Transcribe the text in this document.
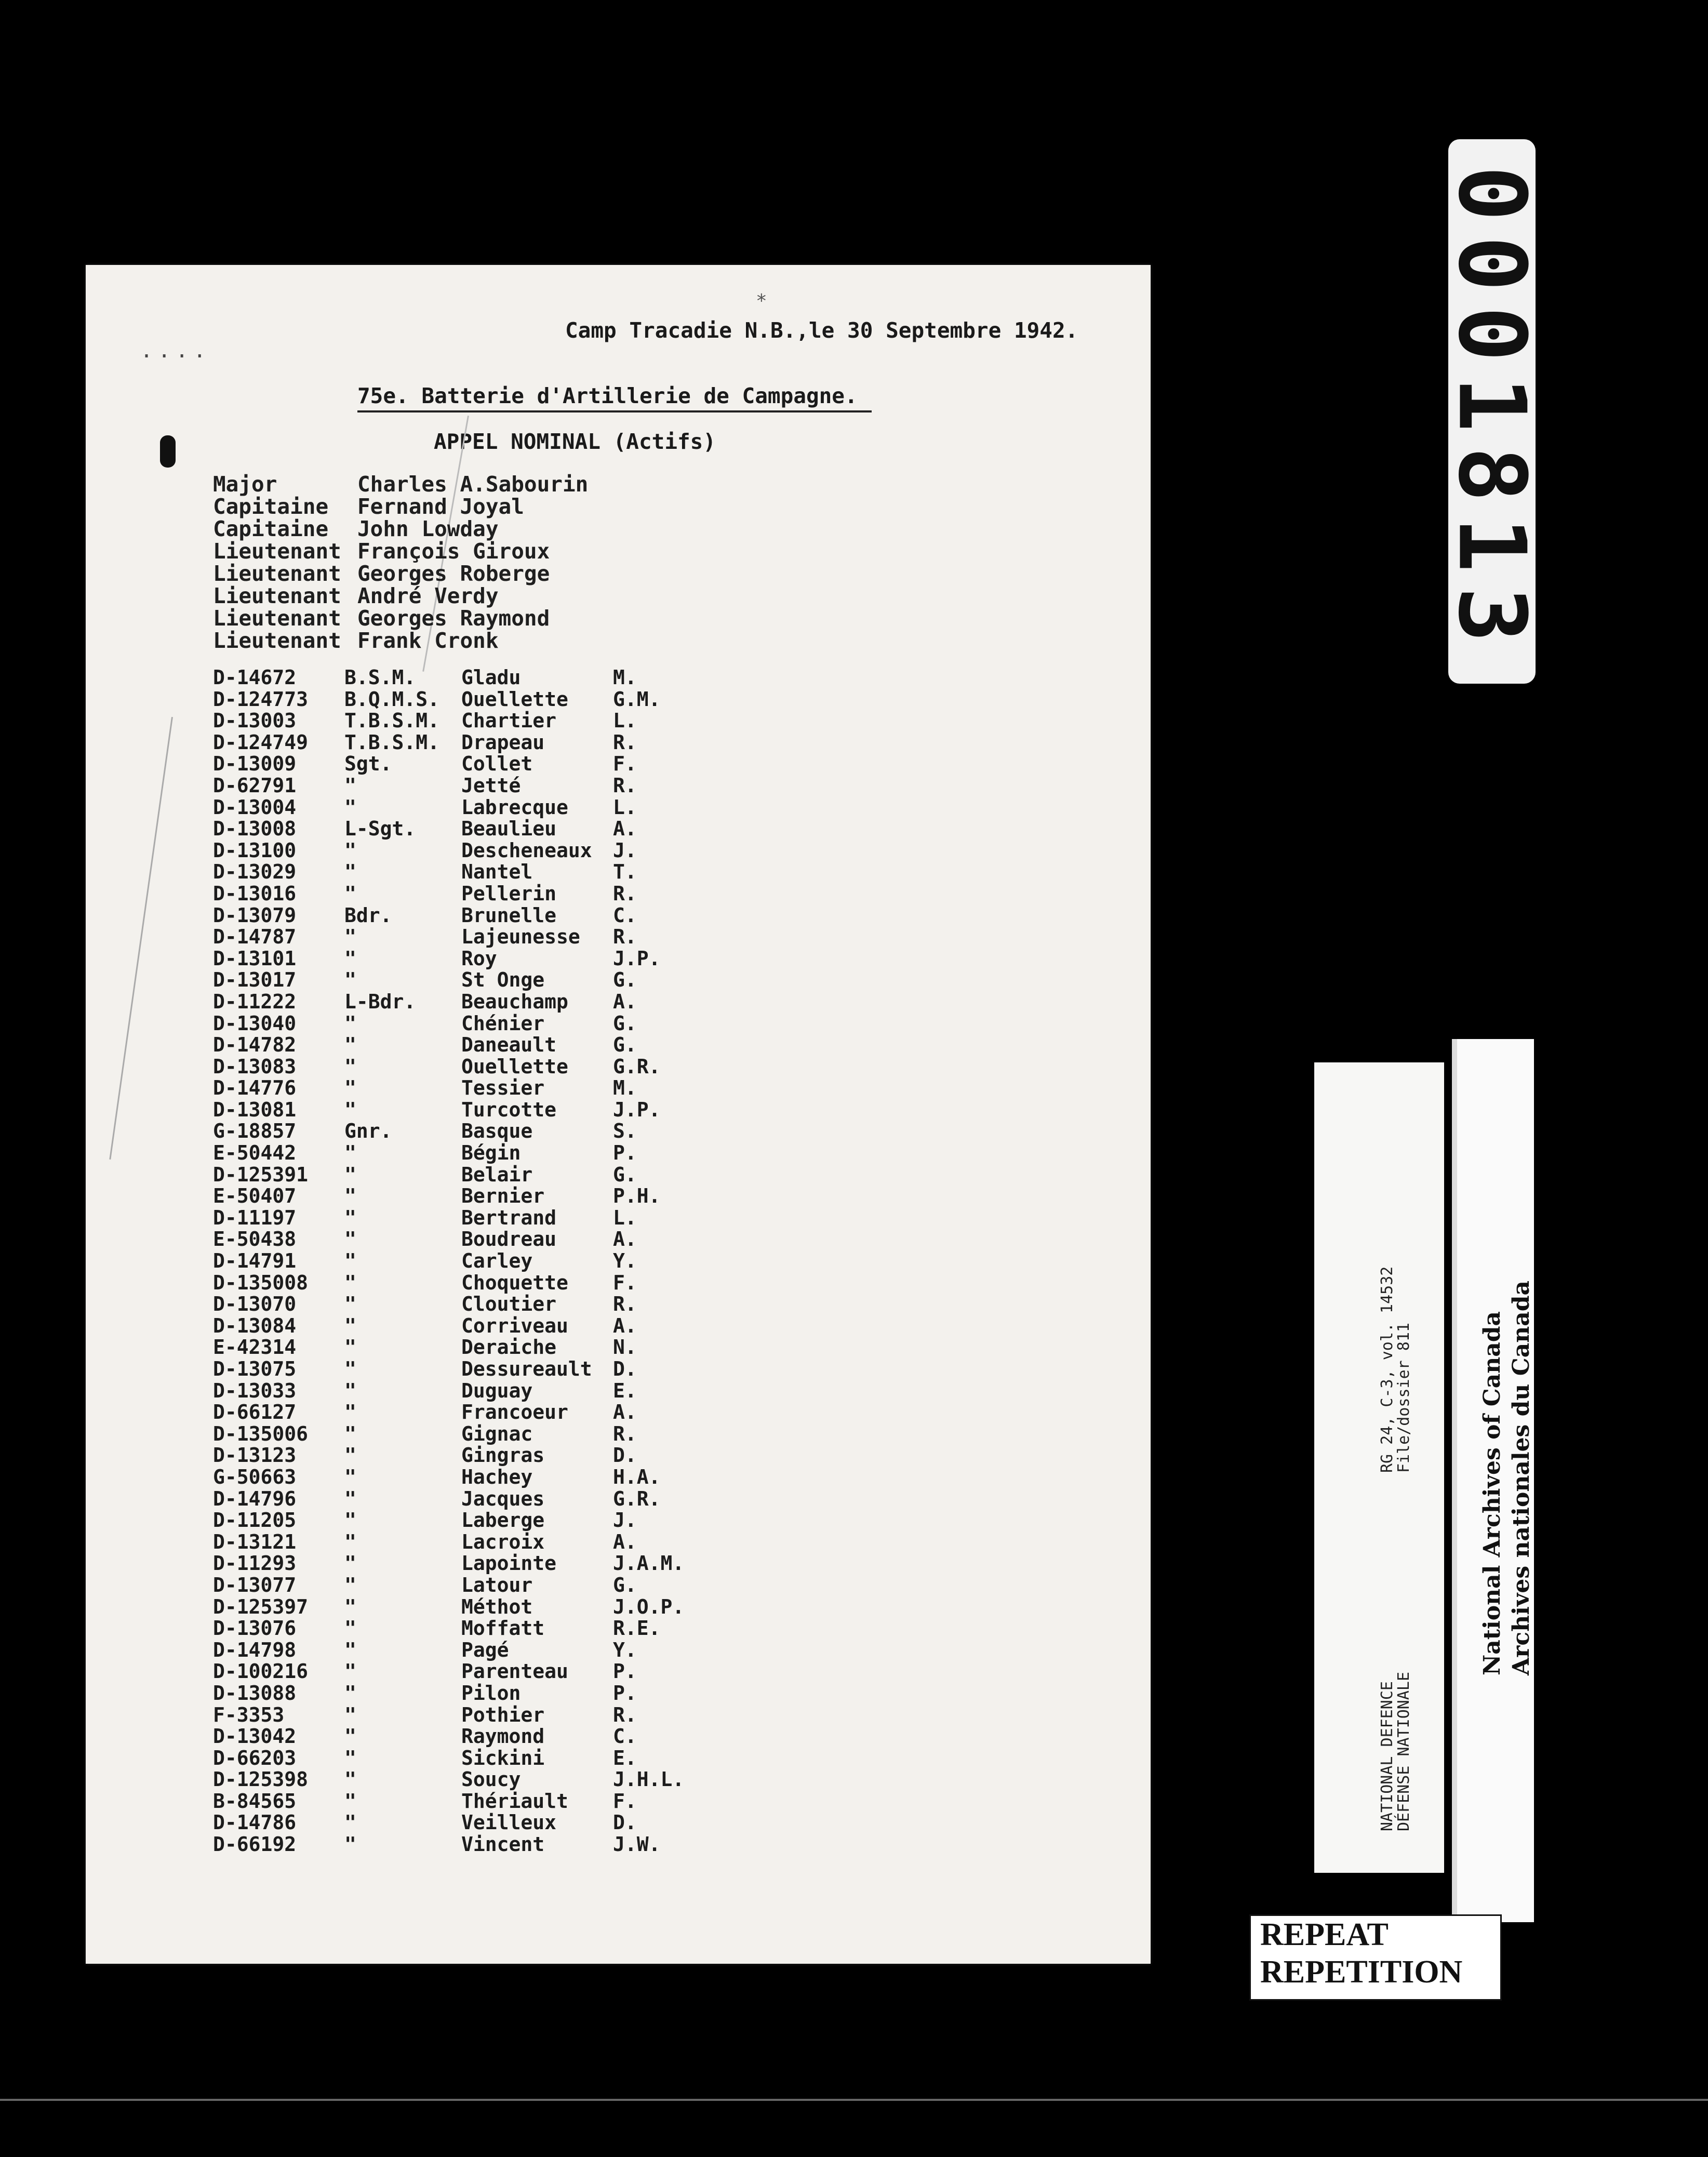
....
*
Camp Tracadie N.B.,le 30 Septembre 1942.
75e. Batterie d'Artillerie de Campagne.
APPEL NOMINAL (Actifs)
Major	Charles A.Sabourin
Capitaine Fernand Joyal
Capitaine John Lowday
Lieutenant François Giroux
Lieutenant Georges Roberge
Lieutenant André Verdy
Lieutenant Georges Raymond
Lieutenant Frank Cronk
D-14672 B.S.M. Gladu	M.
D-124773 B.Q.M.S. Ouellette G.M.
D-13003 T.B.S.M. Chartier	L.
D-124749 T.B.S.M. Drapeau	R.
D-13009 Sgt.	Collet	F.
D-62791 "	Jetté	R.
D-13004 "	Labrecque L.
D-13008 L-Sgt. Beaulieu	A.
D-13100 "	Descheneaux J.
D-13029 "	Nantel	T.
D-13016 "	Pellerin	R.
D-13079 Bdr.	Brunelle	C.
D-14787 "	Lajeunesse R.
D-13101 "	Roy	J.P.
D-13017 "	St Onge	G.
D-11222 L-Bdr. Beauchamp A.
D-13040 "	Chénier	G.
D-14782 "	Daneault	G.
D-13083 "	Ouellette G.R.
D-14776 "	Tessier	M.
D-13081 "	Turcotte	J.P.
G-18857 Gnr.	Basque	S.
E-50442 "	Bégin	P.
D-125391 "	Belair	G.
E-50407 "	Bernier	P.H.
D-11197 "	Bertrand	L.
E-50438 "	Boudreau	A.
D-14791 "	Carley	Y.
D-135008 "	Choquette F.
D-13070 "	Cloutier	R.
D-13084 "	Corriveau A.
E-42314 "	Deraiche	N.
D-13075 "	Dessureault D.
D-13033 "	Duguay	E.
D-66127 "	Francoeur A.
D-135006 "	Gignac	R.
D-13123 "	Gingras	D.
G-50663 "	Hachey	H.A.
D-14796 "	Jacques	G.R.
D-11205 "	Laberge	J.
D-13121 "	Lacroix	A.
D-11293 "	Lapointe	J.A.M.
D-13077 "	Latour	G.
D-125397 "	Méthot	J.O.P.
D-13076 "	Moffatt	R.E.
D-14798 "	Pagé	Y.
D-100216 "	Parenteau P.
D-13088 "	Pilon	P.
F-3353	"	Pothier	R.
D-13042 "	Raymond	C.
D-66203 "	Sickini	E.
D-125398 "	Soucy	J.H.L.
B-84565 "	Thériault F.
D-14786 "	Veilleux	D.
D-66192 "	Vincent	J.W.
0001813
NATIONAL DEFENCE
DÉFENSE NATIONALE
RG 24, C-3, vol. 14532
File/dossier 811	National Archives of Canada Archives nationales du Canada
REPEAT
REPETITION
